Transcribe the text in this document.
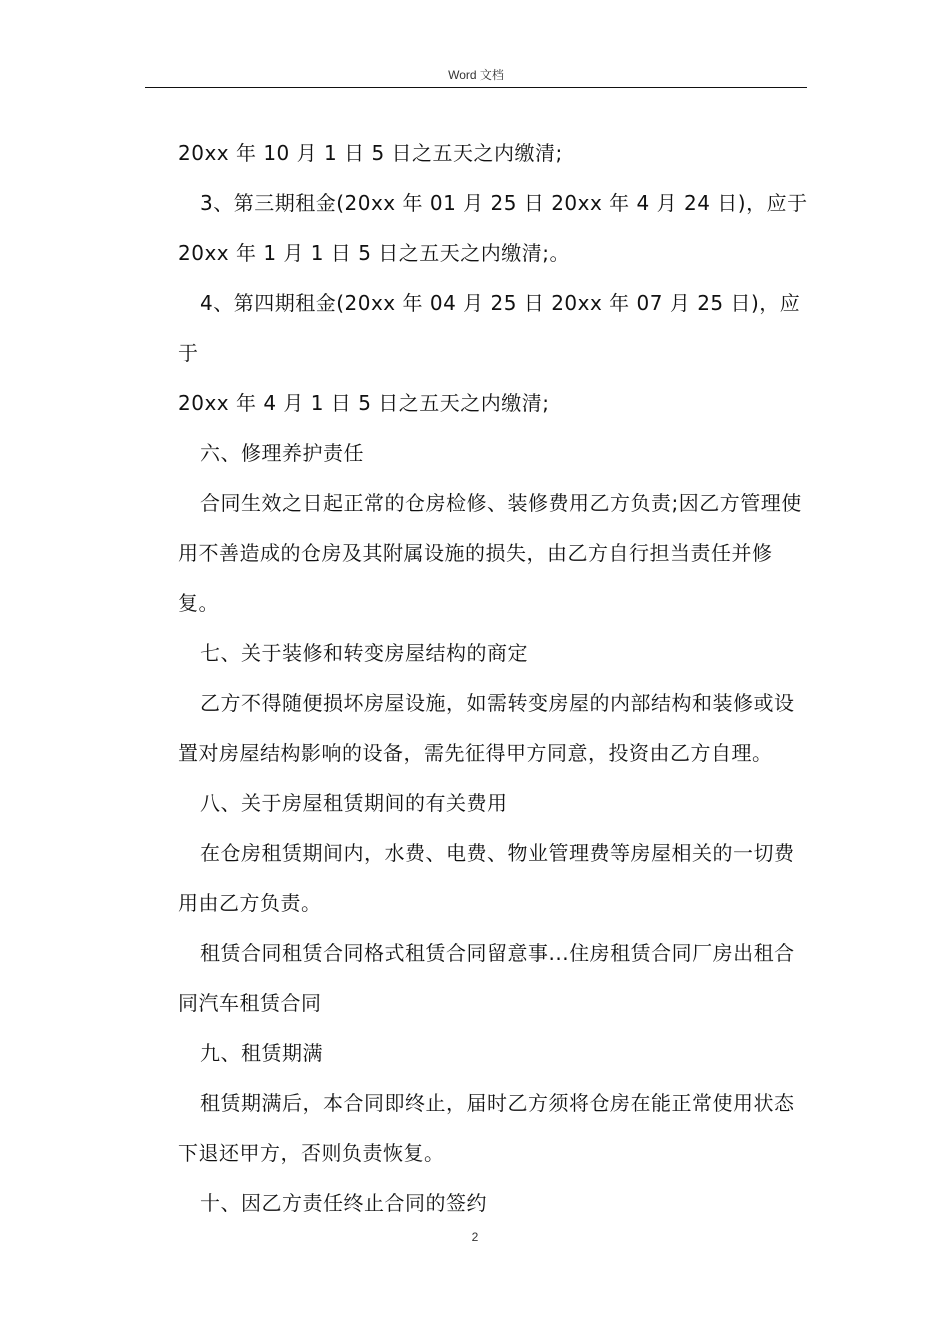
Word 文档

20xx 年 10 月 1 日 5 日之五天之内缴清;

3、第三期租金(20xx 年 01 月 25 日 20xx 年 4 月 24 日)，应于

20xx 年 1 月 1 日 5 日之五天之内缴清;。

4、第四期租金(20xx 年 04 月 25 日 20xx 年 07 月 25 日)，应于

20xx 年 4 月 1 日 5 日之五天之内缴清;

六、修理养护责任

合同生效之日起正常的仓房检修、装修费用乙方负责;因乙方管理使用不善造成的仓房及其附属设施的损失，由乙方自行担当责任并修复。

七、关于装修和转变房屋结构的商定

乙方不得随便损坏房屋设施，如需转变房屋的内部结构和装修或设置对房屋结构影响的设备，需先征得甲方同意，投资由乙方自理。

八、关于房屋租赁期间的有关费用

在仓房租赁期间内，水费、电费、物业管理费等房屋相关的一切费用由乙方负责。

租赁合同租赁合同格式租赁合同留意事...住房租赁合同厂房出租合同汽车租赁合同

九、租赁期满

租赁期满后，本合同即终止，届时乙方须将仓房在能正常使用状态下退还甲方，否则负责恢复。

十、因乙方责任终止合同的签约

2
